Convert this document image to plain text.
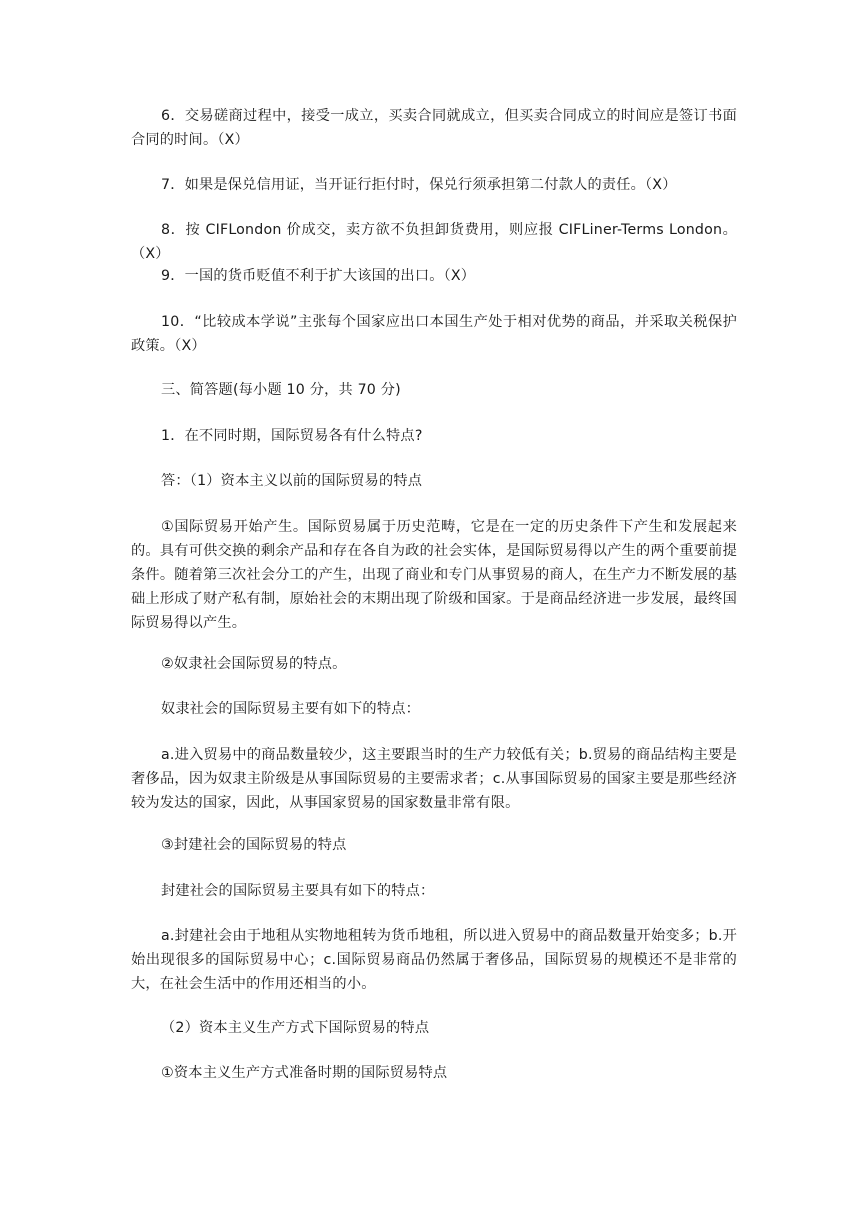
6．交易磋商过程中，接受一成立，买卖合同就成立，但买卖合同成立的时间应是签订书面合同的时间。（X）

7．如果是保兑信用证，当开证行拒付时，保兑行须承担第二付款人的责任。（X）

8．按 CIFLondon 价成交，卖方欲不负担卸货费用，则应报 CIFLiner-Terms London。（X）

9．一国的货币贬值不利于扩大该国的出口。（X）

10．“比较成本学说”主张每个国家应出口本国生产处于相对优势的商品，并采取关税保护政策。（X）

三、简答题(每小题 10 分，共 70 分)

1．在不同时期，国际贸易各有什么特点?

答：（1）资本主义以前的国际贸易的特点

①国际贸易开始产生。国际贸易属于历史范畴，它是在一定的历史条件下产生和发展起来的。具有可供交换的剩余产品和存在各自为政的社会实体，是国际贸易得以产生的两个重要前提条件。随着第三次社会分工的产生，出现了商业和专门从事贸易的商人，在生产力不断发展的基础上形成了财产私有制，原始社会的末期出现了阶级和国家。于是商品经济进一步发展，最终国际贸易得以产生。

②奴隶社会国际贸易的特点。

奴隶社会的国际贸易主要有如下的特点：

a.进入贸易中的商品数量较少，这主要跟当时的生产力较低有关；b.贸易的商品结构主要是奢侈品，因为奴隶主阶级是从事国际贸易的主要需求者；c.从事国际贸易的国家主要是那些经济较为发达的国家，因此，从事国家贸易的国家数量非常有限。

③封建社会的国际贸易的特点

封建社会的国际贸易主要具有如下的特点：

a.封建社会由于地租从实物地租转为货币地租，所以进入贸易中的商品数量开始变多；b.开始出现很多的国际贸易中心；c.国际贸易商品仍然属于奢侈品，国际贸易的规模还不是非常的大，在社会生活中的作用还相当的小。

（2）资本主义生产方式下国际贸易的特点

①资本主义生产方式准备时期的国际贸易特点
